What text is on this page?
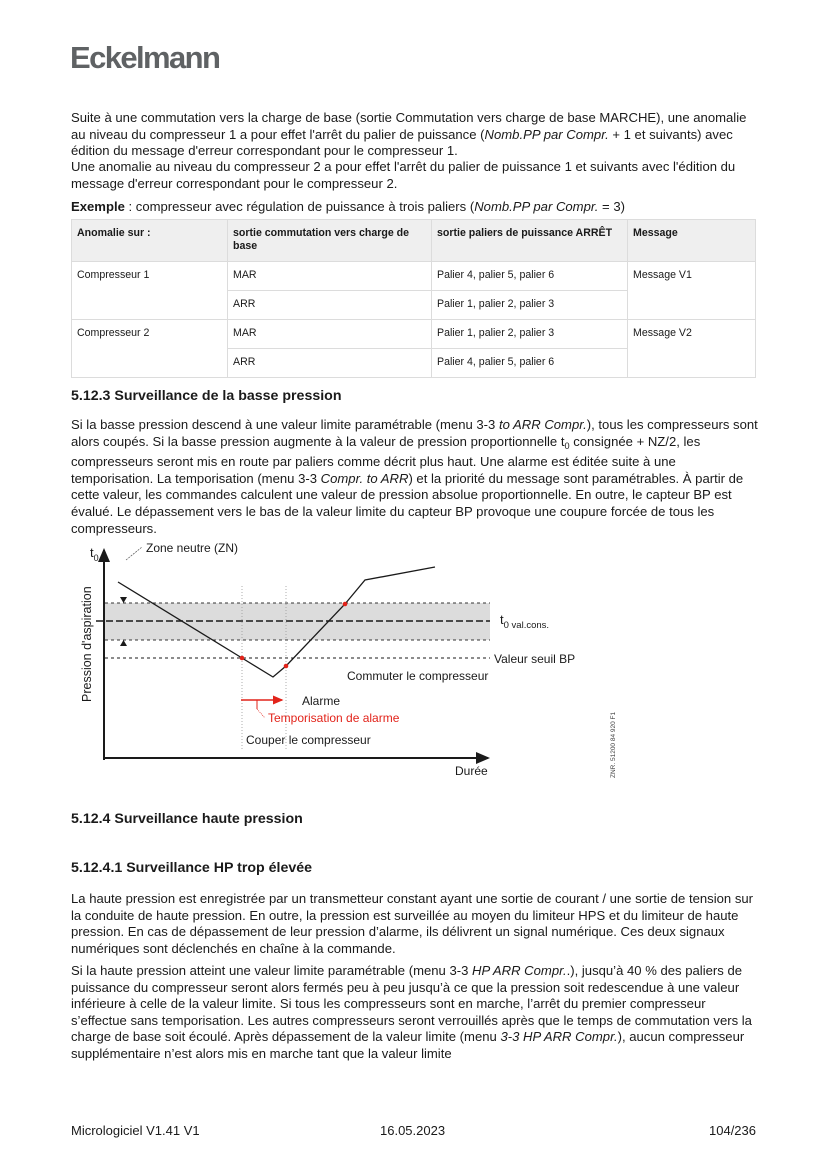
Eckelmann

Suite à une commutation vers la charge de base (sortie Commutation vers charge de base MARCHE), une anomalie au niveau du compresseur 1 a pour effet l'arrêt du palier de puissance (Nomb.PP par Compr. + 1 et suivants) avec édition du message d'erreur correspondant pour le compresseur 1.

Une anomalie au niveau du compresseur 2 a pour effet l'arrêt du palier de puissance 1 et suivants avec l'édition du message d'erreur correspondant pour le compresseur 2.

Exemple : compresseur avec régulation de puissance à trois paliers (Nomb.PP par Compr. = 3)

Anomalie sur :	sortie commutation vers charge de base	sortie paliers de puissance ARRÊT	Message
Compresseur 1	MAR	Palier 4, palier 5, palier 6	Message V1
	ARR	Palier 1, palier 2, palier 3	
Compresseur 2	MAR	Palier 1, palier 2, palier 3	Message V2
	ARR	Palier 4, palier 5, palier 6	
5.12.3 Surveillance de la basse pression

Si la basse pression descend à une valeur limite paramétrable (menu 3-3 to ARR Compr.), tous les compresseurs sont alors coupés. Si la basse pression augmente à la valeur de pression proportionnelle $t_0$ consignée + NZ/2, les compresseurs seront mis en route par paliers comme décrit plus haut. Une alarme est éditée suite à une temporisation. La temporisation (menu 3-3 Compr. to ARR) et la priorité du message sont paramétrables. À partir de cette valeur, les commandes calculent une valeur de pression absolue proportionnelle. En outre, le capteur BP est évalué. Le dépassement vers le bas de la valeur limite du capteur BP provoque une coupure forcée de tous les compresseurs.

$t_0$
Pression d'aspiration
Durée
Zone neutre (ZN)
$t_{0 val.cons.}$
Valeur seuil BP
Commuter le compresseur
Alarme
Temporisation de alarme
Couper le compresseur	ZNR. 51200 84 920 F1
5.12.4 Surveillance haute pression
5.12.4.1 Surveillance HP trop élevée

La haute pression est enregistrée par un transmetteur constant ayant une sortie de courant / une sortie de tension sur la conduite de haute pression. En outre, la pression est surveillée au moyen du limiteur HPS et du limiteur de haute pression. En cas de dépassement de leur pression d’alarme, ils délivrent un signal numérique. Ces deux signaux numériques sont déclenchés en chaîne à la commande.

Si la haute pression atteint une valeur limite paramétrable (menu 3-3 HP ARR Compr..), jusqu’à 40 % des paliers de puissance du compresseur seront alors fermés peu à peu jusqu’à ce que la pression soit redescendue à une valeur inférieure à celle de la valeur limite. Si tous les compresseurs sont en marche, l’arrêt du premier compresseur s’effectue sans temporisation. Les autres compresseurs seront verrouillés après que le temps de commutation vers la charge de base soit écoulé. Après dépassement de la valeur limite (menu 3-3 HP ARR Compr.), aucun compresseur supplémentaire n’est alors mis en marche tant que la valeur limite

Micrologiciel V1.41 V1	16.05.2023	104/236
